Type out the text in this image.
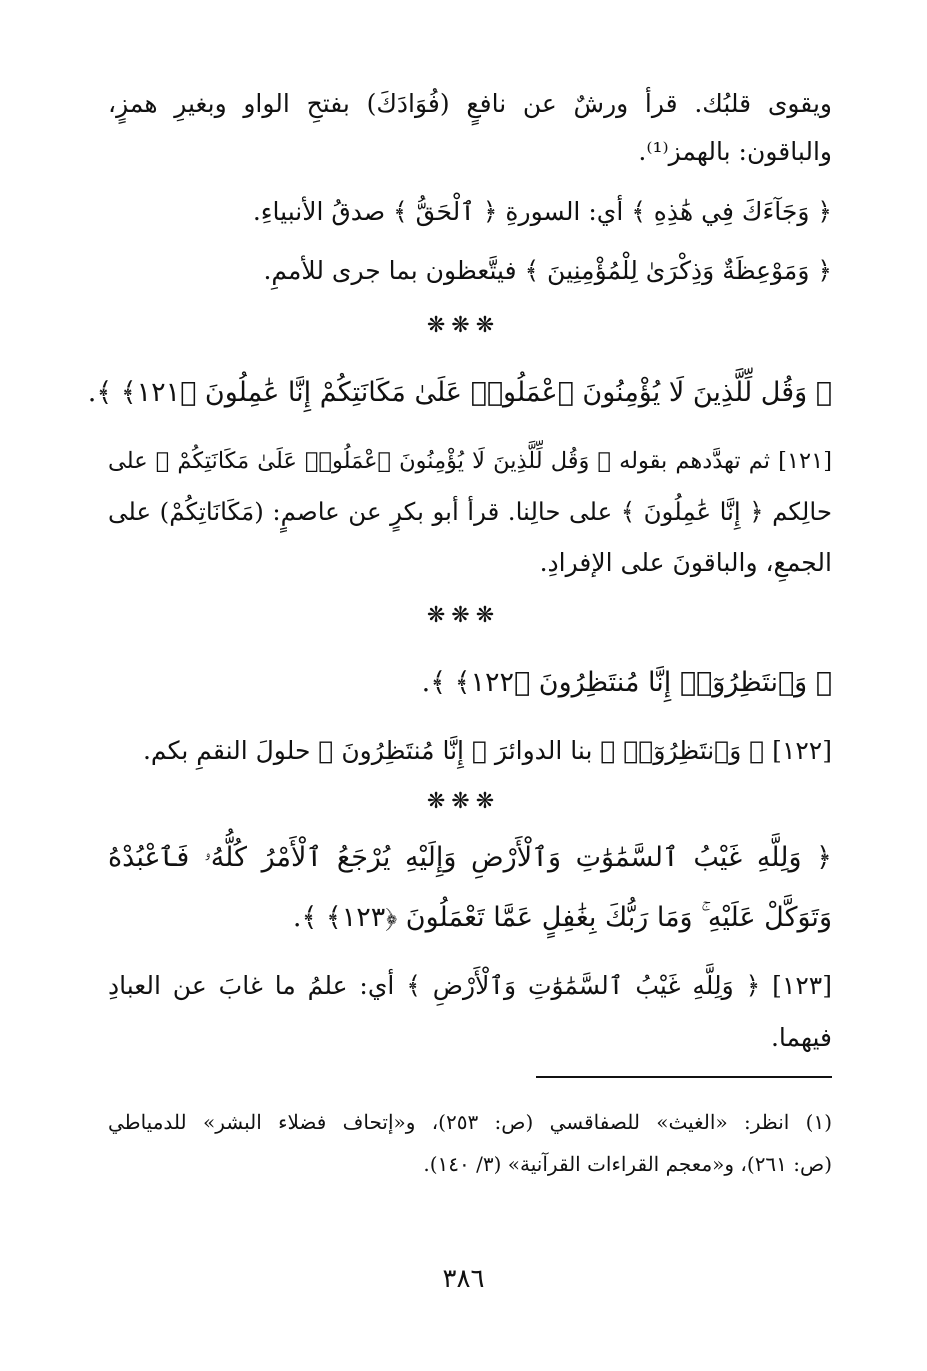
ويقوى قلبُك. قرأ ورشٌ عن نافعٍ (فُوَادَكَ) بفتحِ الواو وبغيرِ همزٍ،
والباقون: بالهمز⁽¹⁾.
﴿ وَجَآءَكَ فِي هَٰذِهِ ﴾ أي: السورةِ ﴿ ٱلْحَقُّ ﴾ صدقُ الأنبياءِ.
﴿ وَمَوْعِظَةٌ وَذِكْرَىٰ لِلْمُؤْمِنِينَ ﴾ فيتَّعظون بما جرى للأممِ.
❋❋❋
﴿ وَقُل لِّلَّذِينَ لَا يُؤْمِنُونَ ٱعْمَلُوا۟ عَلَىٰ مَكَانَتِكُمْ إِنَّا عَٰمِلُونَ ﴿١٢١﴾ ﴾.
[١٢١] ثم تهدَّدهم بقوله ﴿ وَقُل لِّلَّذِينَ لَا يُؤْمِنُونَ ٱعْمَلُوا۟ عَلَىٰ مَكَانَتِكُمْ ﴾ على
حالِكم ﴿ إِنَّا عَٰمِلُونَ ﴾ على حالِنا. قرأ أبو بكرٍ عن عاصمٍ: (مَكَانَاتِكُمْ) على
الجمعِ، والباقونَ على الإفرادِ.
❋❋❋
﴿ وَٱنتَظِرُوٓا۟ إِنَّا مُنتَظِرُونَ ﴿١٢٢﴾ ﴾.
[١٢٢] ﴿ وَٱنتَظِرُوٓا۟ ﴾ بنا الدوائرَ ﴿ إِنَّا مُنتَظِرُونَ ﴾ حلولَ النقمِ بكم.
❋❋❋
﴿ وَلِلَّهِ غَيْبُ ٱلسَّمَٰوَٰتِ وَٱلْأَرْضِ وَإِلَيْهِ يُرْجَعُ ٱلْأَمْرُ كُلُّهُۥ فَٱعْبُدْهُ
وَتَوَكَّلْ عَلَيْهِ ۚ وَمَا رَبُّكَ بِغَٰفِلٍ عَمَّا تَعْمَلُونَ ﴿١٢٣﴾ ﴾.
[١٢٣] ﴿ وَلِلَّهِ غَيْبُ ٱلسَّمَٰوَٰتِ وَٱلْأَرْضِ ﴾ أي: علمُ ما غابَ عن العبادِ
فيهما.
(١) انظر: «الغيث» للصفاقسي (ص: ٢٥٣)، و«إتحاف فضلاء البشر» للدمياطي
(ص: ٢٦١)، و«معجم القراءات القرآنية» (٣/ ١٤٠).
٣٨٦
